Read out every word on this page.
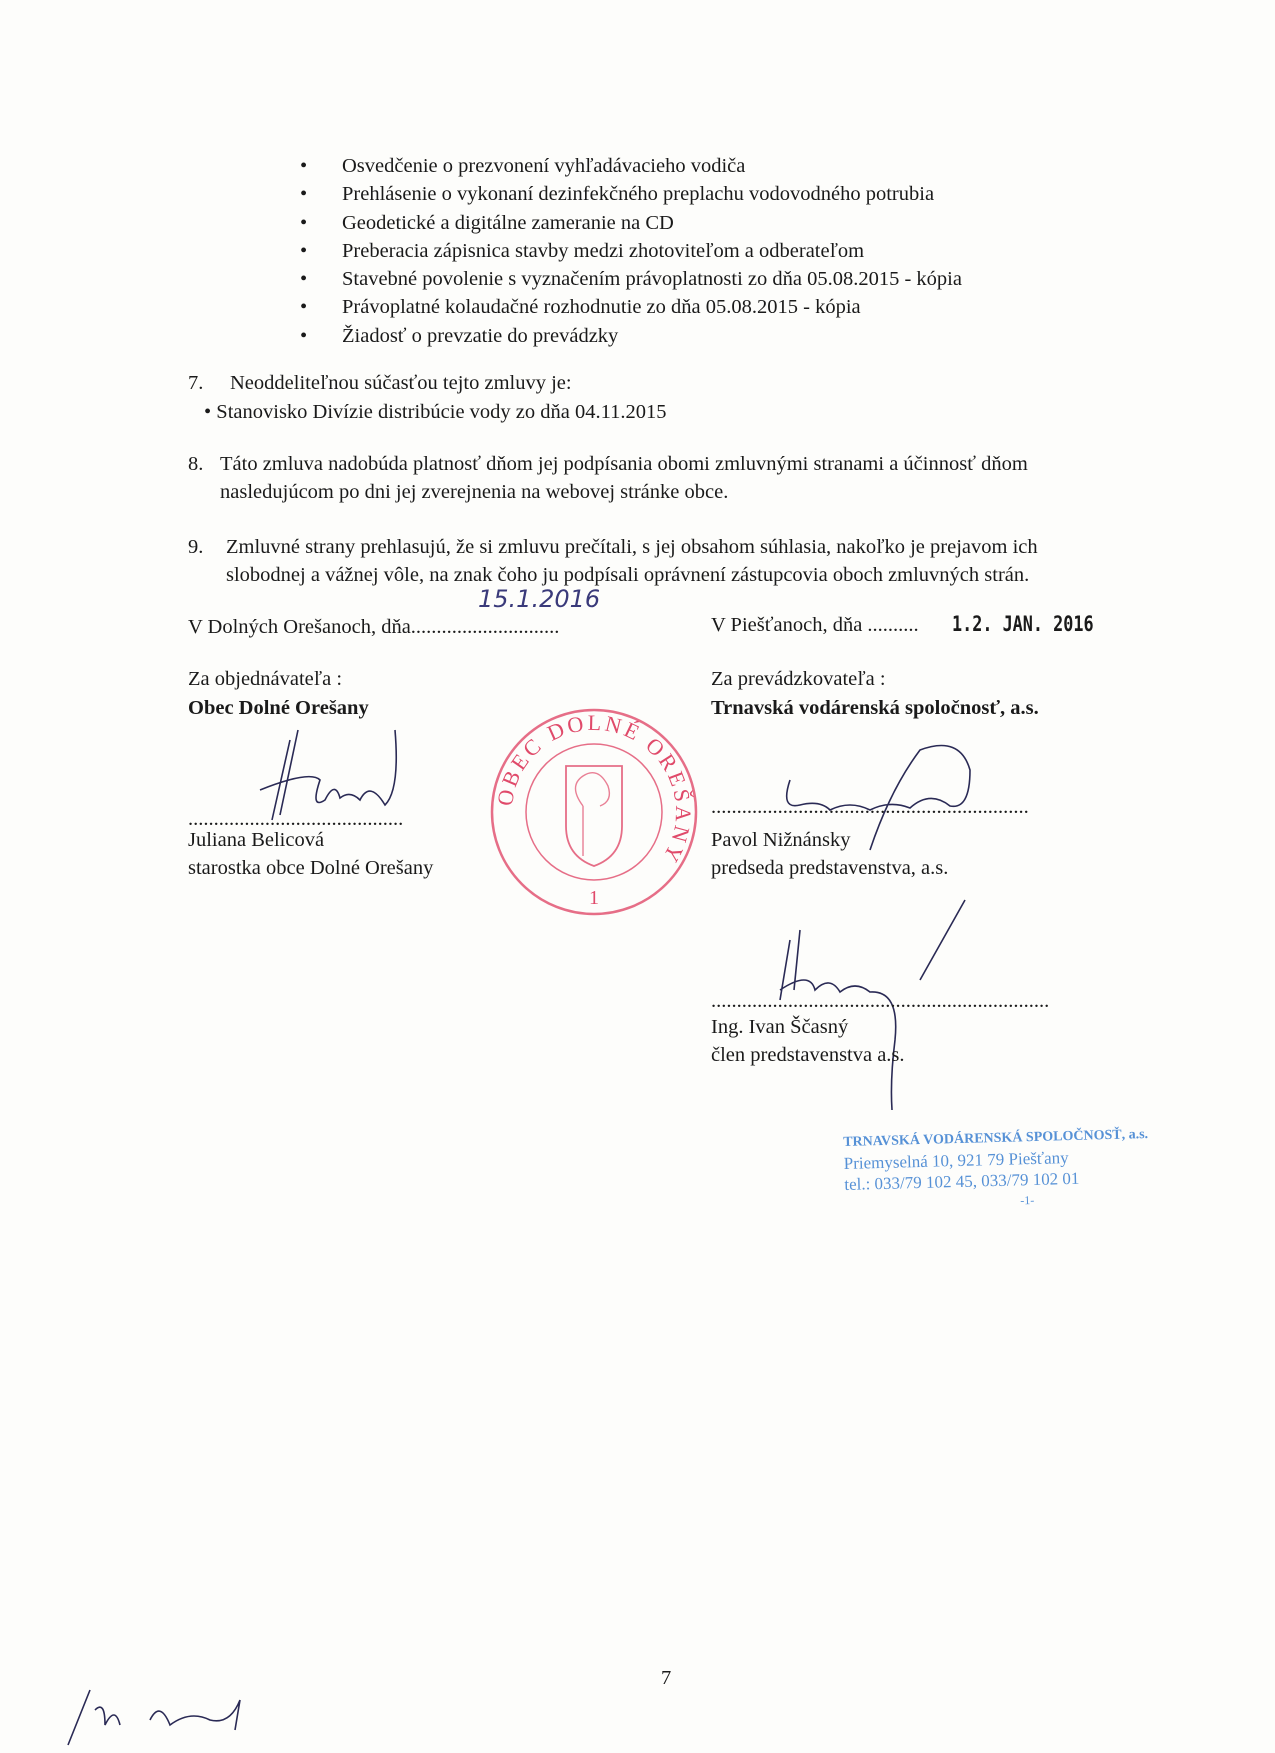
• Osvedčenie o prezvonení vyhľadávacieho vodiča
• Prehlásenie o vykonaní dezinfekčného preplachu vodovodného potrubia
• Geodetické a digitálne zameranie na CD
• Preberacia zápisnica stavby medzi zhotoviteľom a odberateľom
• Stavebné povolenie s vyznačením právoplatnosti zo dňa 05.08.2015 - kópia
• Právoplatné kolaudačné rozhodnutie zo dňa 05.08.2015 - kópia
• Žiadosť o prevzatie do prevádzky
7. Neoddeliteľnou súčasťou tejto zmluvy je:
• Stanovisko Divízie distribúcie vody zo dňa 04.11.2015
8. Táto zmluva nadobúda platnosť dňom jej podpísania obomi zmluvnými stranami a účinnosť dňom
nasledujúcom po dni jej zverejnenia na webovej stránke obce.
9. Zmluvné strany prehlasujú, že si zmluvu prečítali, s jej obsahom súhlasia, nakoľko je prejavom ich
slobodnej a vážnej vôle, na znak čoho ju podpísali oprávnení zástupcovia oboch zmluvných strán.
15.1.2016
V Dolných Orešanoch, dňa.............................
Za objednávateľa :
Obec Dolné Orešany
..........................................
Juliana Belicová
starostka obce Dolné Orešany
OBEC DOLNÉ OREŠANY
1
V Piešťanoch, dňa .......... 1.2. JAN. 2016
Za prevádzkovateľa :
Trnavská vodárenská spoločnosť, a.s.
..............................................................
Pavol Nižnánsky
predseda predstavenstva, a.s.
..................................................................
Ing. Ivan Ščasný
člen predstavenstva a.s.
TRNAVSKÁ VODÁRENSKÁ SPOLOČNOSŤ, a.s.
Priemyselná 10, 921 79 Piešťany
tel.: 033/79 102 45, 033/79 102 01
-1-
7
